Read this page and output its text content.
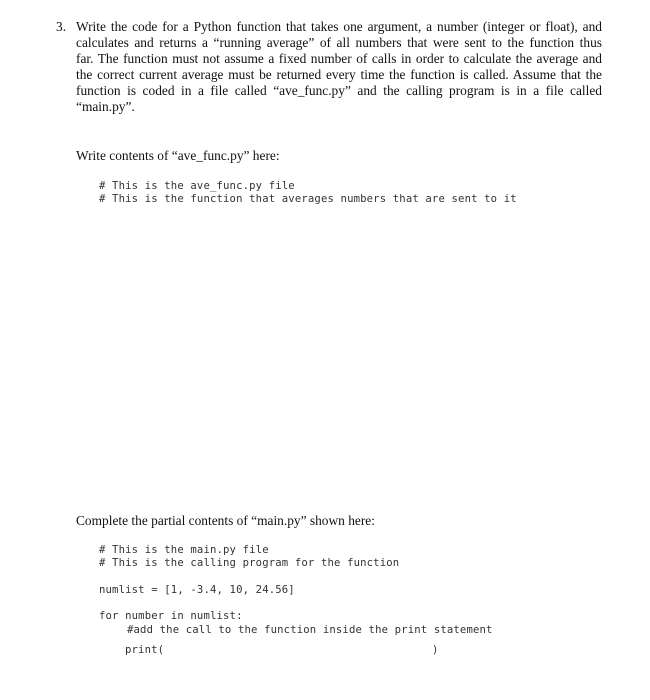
3. Write the code for a Python function that takes one argument, a number (integer or float), and
calculates and returns a “running average” of all numbers that were sent to the function thus
far. The function must not assume a fixed number of calls in order to calculate the average and
the correct current average must be returned every time the function is called. Assume that the
function is coded in a file called “ave_func.py” and the calling program is in a file called
“main.py”.
Write contents of “ave_func.py” here:
# This is the ave_func.py file
# This is the function that averages numbers that are sent to it
Complete the partial contents of “main.py” shown here:
# This is the main.py file
# This is the calling program for the function
numlist = [1, -3.4, 10, 24.56]
for number in numlist:
#add the call to the function inside the print statement
print(	)
